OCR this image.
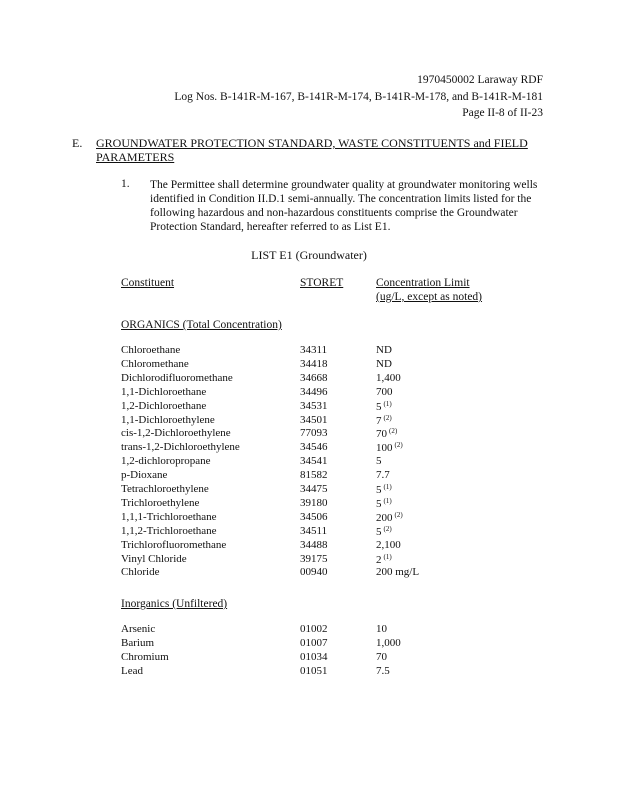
1970450002 Laraway RDF
Log Nos. B-141R-M-167, B-141R-M-174, B-141R-M-178, and B-141R-M-181
Page II-8 of II-23
E. GROUNDWATER PROTECTION STANDARD, WASTE CONSTITUENTS and FIELD PARAMETERS
1. The Permittee shall determine groundwater quality at groundwater monitoring wells identified in Condition II.D.1 semi-annually. The concentration limits listed for the following hazardous and non-hazardous constituents comprise the Groundwater Protection Standard, hereafter referred to as List E1.
LIST E1 (Groundwater)
Constituent	STORET	Concentration Limit
(ug/L, except as noted)
ORGANICS (Total Concentration)
Chloroethane	34311	ND
Chloromethane	34418	ND
Dichlorodifluoromethane	34668	1,400
1,1-Dichloroethane	34496	700
1,2-Dichloroethane	34531	5 $^{(1)}$
1,1-Dichloroethylene	34501	7 $^{(2)}$
cis-1,2-Dichloroethylene	77093	70 $^{(2)}$
trans-1,2-Dichloroethylene	34546	100 $^{(2)}$
1,2-dichloropropane	34541	5
p-Dioxane	81582	7.7
Tetrachloroethylene	34475	5 $^{(1)}$
Trichloroethylene	39180	5 $^{(1)}$
1,1,1-Trichloroethane	34506	200 $^{(2)}$
1,1,2-Trichloroethane	34511	5 $^{(2)}$
Trichlorofluoromethane	34488	2,100
Vinyl Chloride	39175	2 $^{(1)}$
Chloride	00940	200 mg/L
Inorganics (Unfiltered)
Arsenic	01002	10
Barium	01007	1,000
Chromium	01034	70
Lead	01051	7.5
